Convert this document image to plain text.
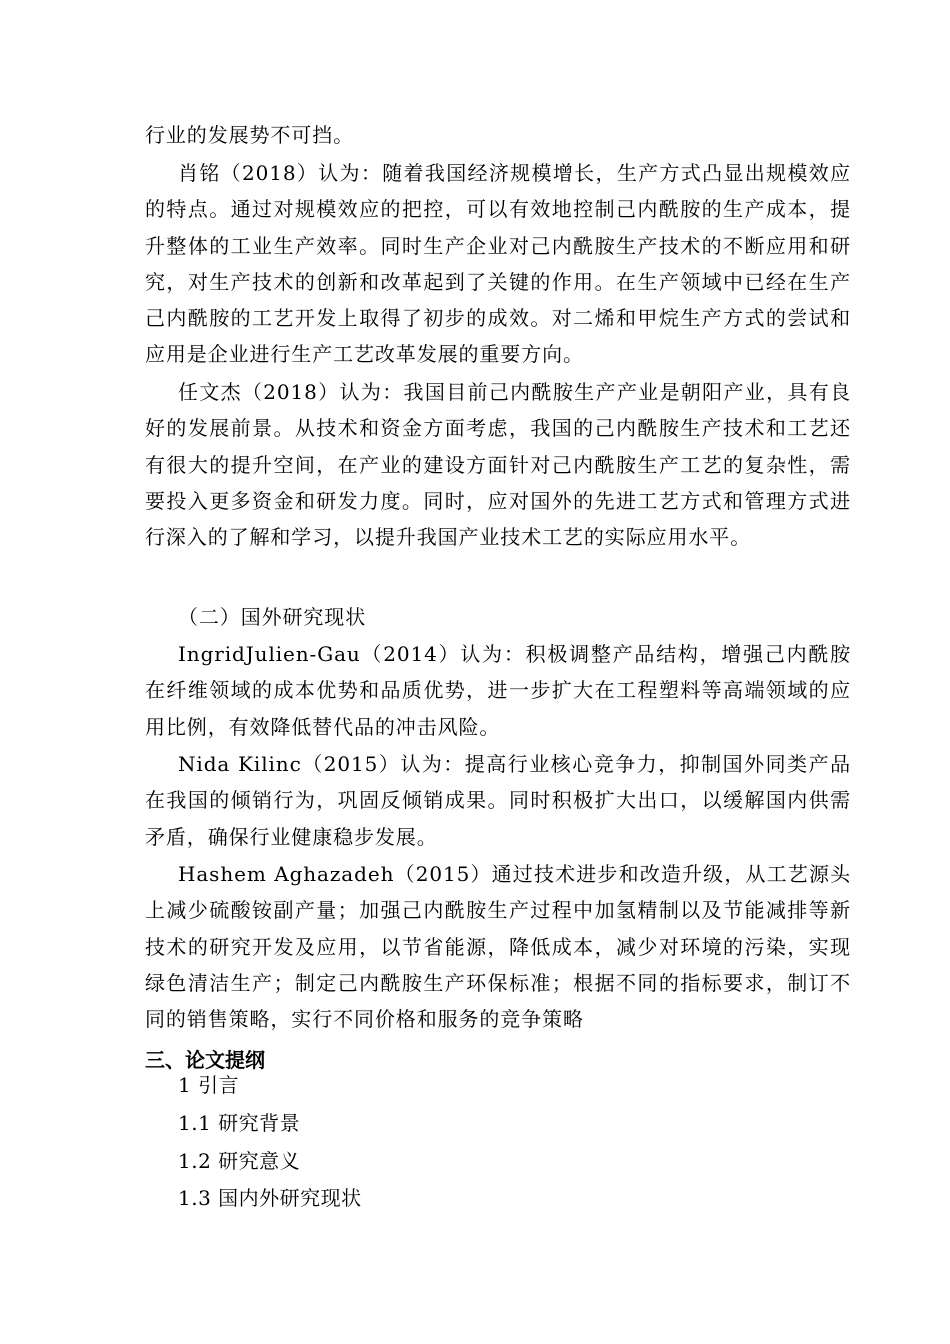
行业的发展势不可挡。
肖铭（2018）认为：随着我国经济规模增长，生产方式凸显出规模效应的特点。通过对规模效应的把控，可以有效地控制己内酰胺的生产成本，提升整体的工业生产效率。同时生产企业对己内酰胺生产技术的不断应用和研究，对生产技术的创新和改革起到了关键的作用。在生产领域中已经在生产己内酰胺的工艺开发上取得了初步的成效。对二烯和甲烷生产方式的尝试和应用是企业进行生产工艺改革发展的重要方向。
任文杰（2018）认为：我国目前己内酰胺生产产业是朝阳产业，具有良好的发展前景。从技术和资金方面考虑，我国的己内酰胺生产技术和工艺还有很大的提升空间，在产业的建设方面针对己内酰胺生产工艺的复杂性，需要投入更多资金和研发力度。同时，应对国外的先进工艺方式和管理方式进行深入的了解和学习，以提升我国产业技术工艺的实际应用水平。
（二）国外研究现状
IngridJulien-Gau（2014）认为：积极调整产品结构，增强己内酰胺在纤维领域的成本优势和品质优势，进一步扩大在工程塑料等高端领域的应用比例，有效降低替代品的冲击风险。
Nida Kilinc（2015）认为：提高行业核心竞争力，抑制国外同类产品在我国的倾销行为，巩固反倾销成果。同时积极扩大出口，以缓解国内供需矛盾，确保行业健康稳步发展。
Hashem Aghazadeh（2015）通过技术进步和改造升级，从工艺源头上减少硫酸铵副产量；加强己内酰胺生产过程中加氢精制以及节能减排等新技术的研究开发及应用，以节省能源，降低成本，减少对环境的污染，实现绿色清洁生产；制定己内酰胺生产环保标准；根据不同的指标要求，制订不同的销售策略，实行不同价格和服务的竞争策略
三、论文提纲
1 引言
1.1 研究背景
1.2 研究意义
1.3 国内外研究现状
